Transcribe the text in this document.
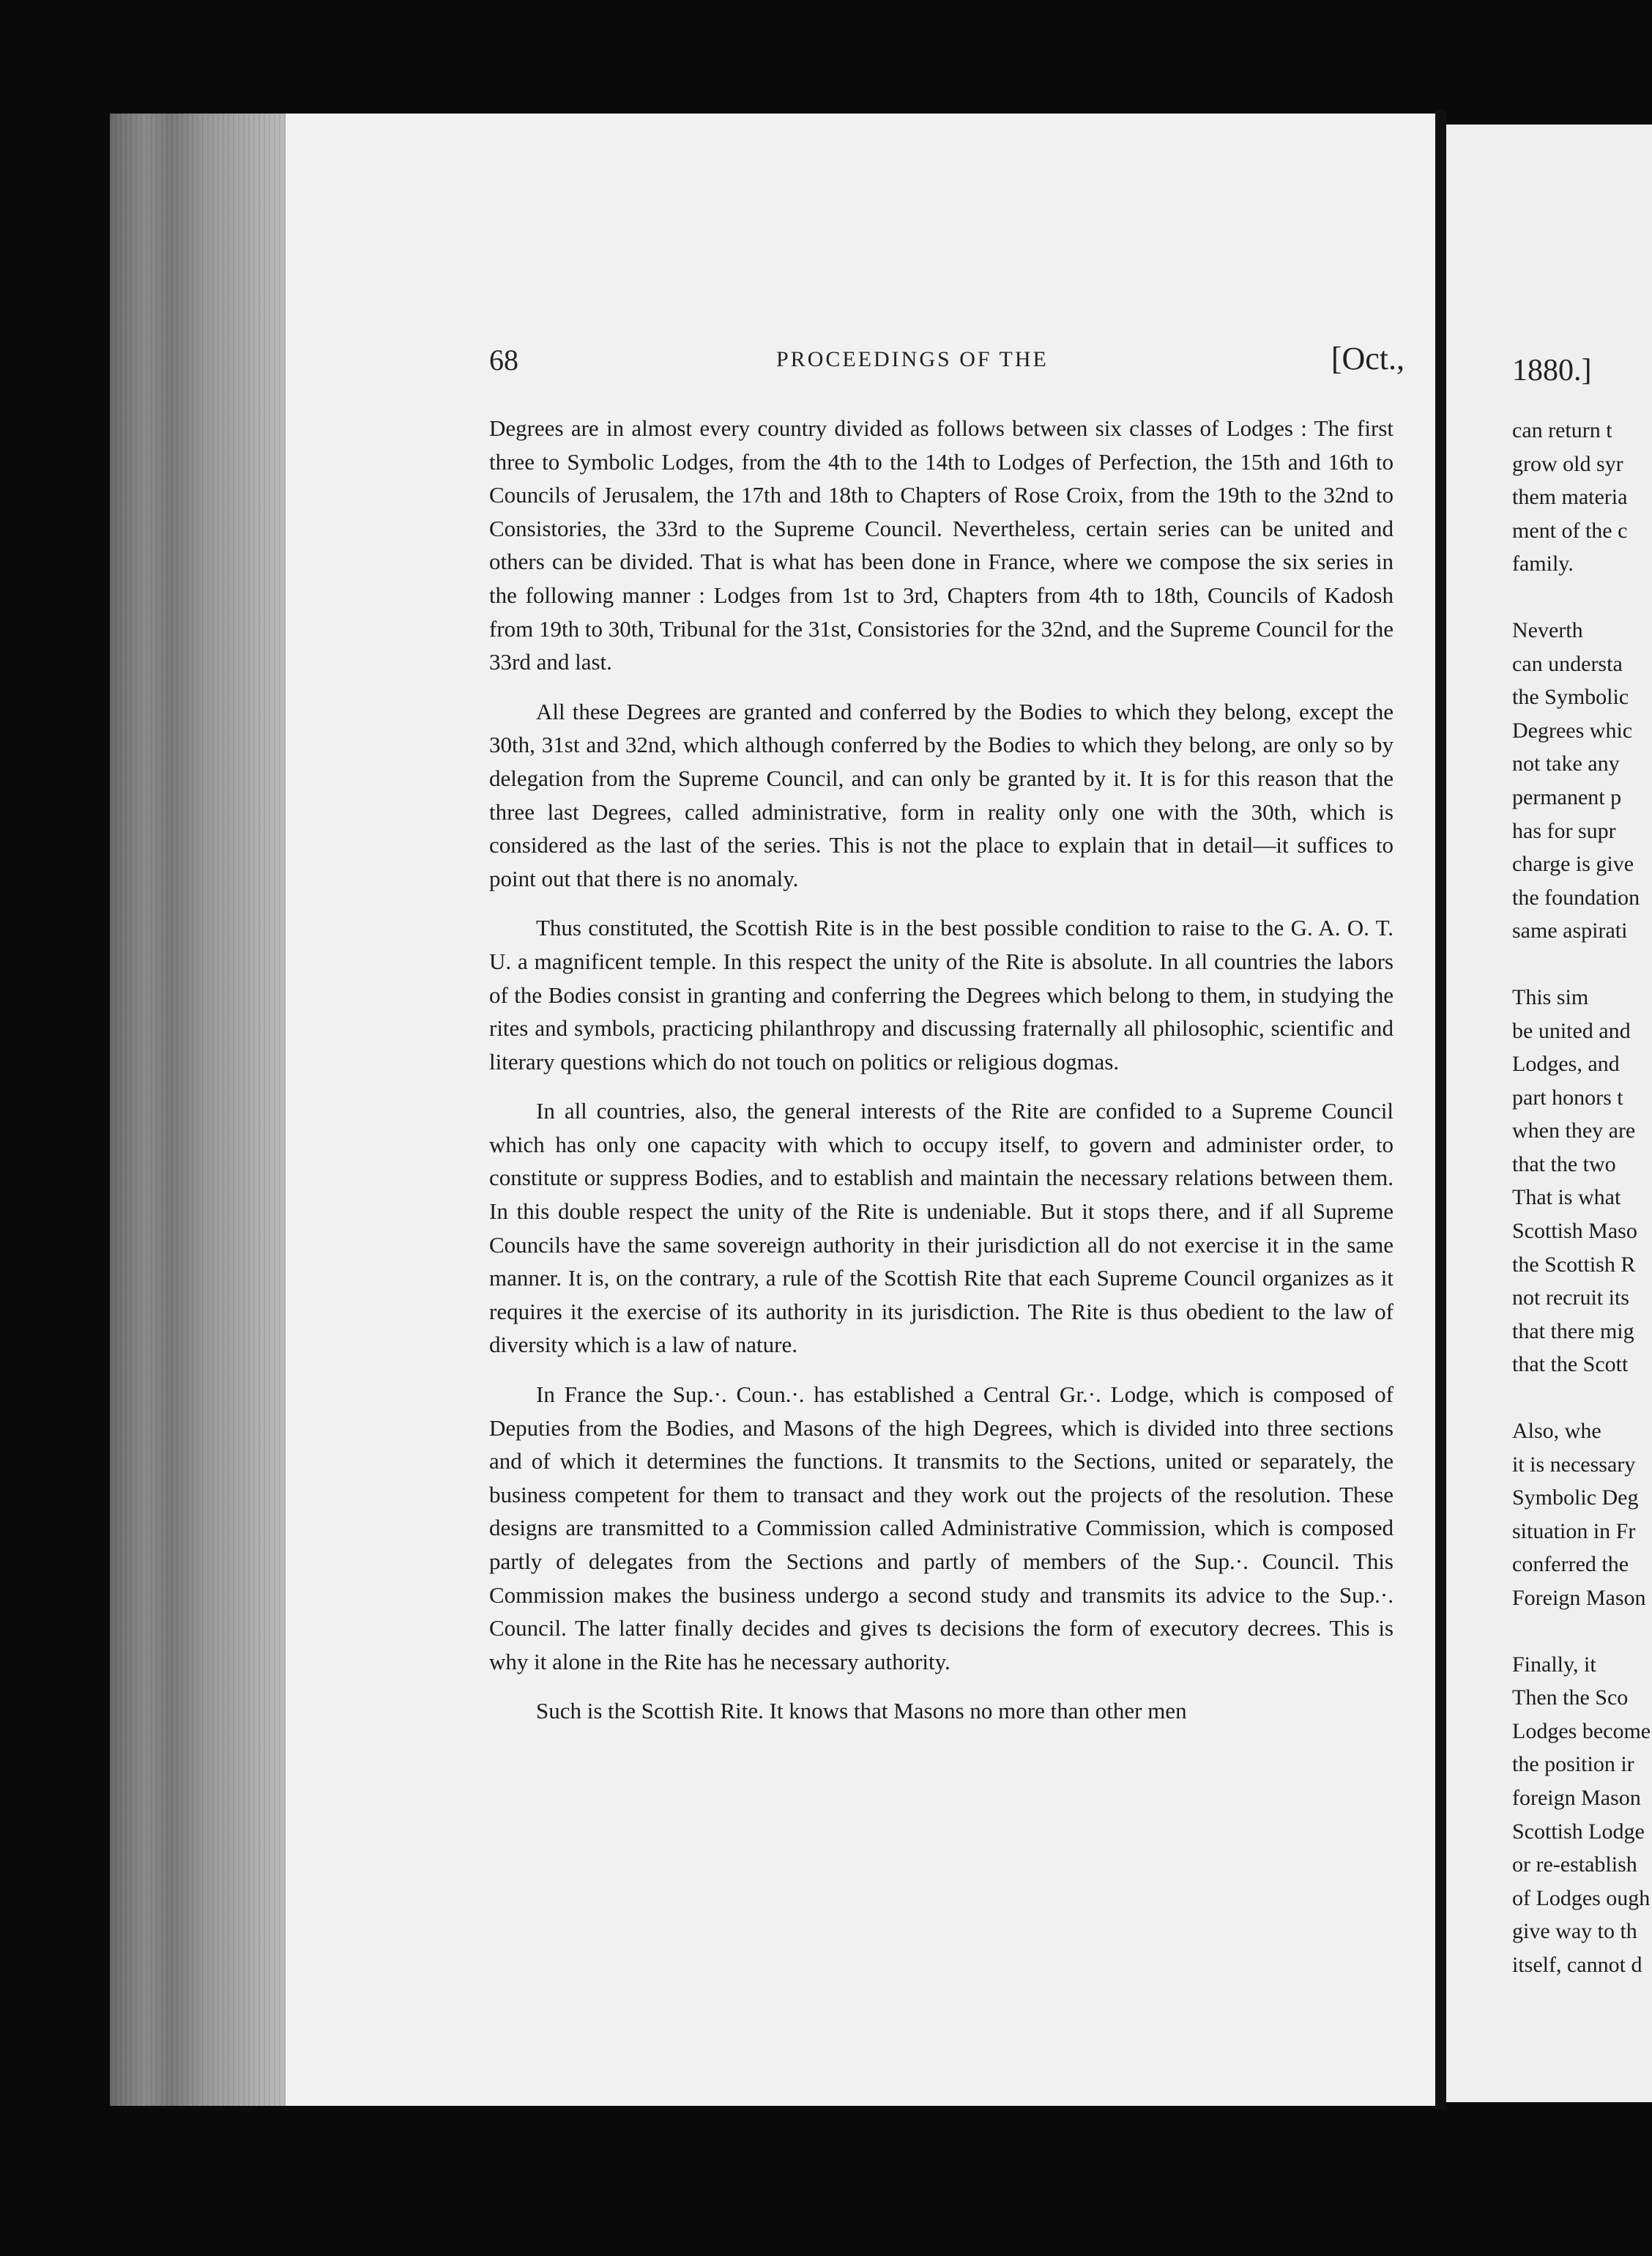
68	PROCEEDINGS OF THE	[Oct.,

Degrees are in almost every country divided as follows between six classes of Lodges : The first three to Symbolic Lodges, from the 4th to the 14th to Lodges of Perfection, the 15th and 16th to Councils of Jerusalem, the 17th and 18th to Chapters of Rose Croix, from the 19th to the 32nd to Consistories, the 33rd to the Supreme Council. Nevertheless, certain series can be united and others can be divided. That is what has been done in France, where we compose the six series in the following manner : Lodges from 1st to 3rd, Chapters from 4th to 18th, Councils of Kadosh from 19th to 30th, Tribunal for the 31st, Consistories for the 32nd, and the Supreme Council for the 33rd and last.

All these Degrees are granted and conferred by the Bodies to which they belong, except the 30th, 31st and 32nd, which although conferred by the Bodies to which they belong, are only so by delegation from the Supreme Council, and can only be granted by it. It is for this reason that the three last Degrees, called administrative, form in reality only one with the 30th, which is considered as the last of the series. This is not the place to explain that in detail—it suffices to point out that there is no anomaly.

Thus constituted, the Scottish Rite is in the best possible condition to raise to the G. A. O. T. U. a magnificent temple. In this respect the unity of the Rite is absolute. In all countries the labors of the Bodies consist in granting and conferring the Degrees which belong to them, in studying the rites and symbols, practicing philanthropy and discussing fraternally all philosophic, scientific and literary questions which do not touch on politics or religious dogmas.

In all countries, also, the general interests of the Rite are confided to a Supreme Council which has only one capacity with which to occupy itself, to govern and administer order, to constitute or suppress Bodies, and to establish and maintain the necessary relations between them. In this double respect the unity of the Rite is undeniable. But it stops there, and if all Supreme Councils have the same sovereign authority in their jurisdiction all do not exercise it in the same manner. It is, on the contrary, a rule of the Scottish Rite that each Supreme Council organizes as it requires it the exercise of its authority in its jurisdiction. The Rite is thus obedient to the law of diversity which is a law of nature.

In France the Sup.·. Coun.·. has established a Central Gr.·. Lodge, which is composed of Deputies from the Bodies, and Masons of the high Degrees, which is divided into three sections and of which it determines the functions. It transmits to the Sections, united or separately, the business competent for them to transact and they work out the projects of the resolution. These designs are transmitted to a Commission called Administrative Commission, which is composed partly of delegates from the Sections and partly of members of the Sup.·. Council. This Commission makes the business undergo a second study and transmits its advice to the Sup.·. Council. The latter finally decides and gives ts decisions the form of executory decrees. This is why it alone in the Rite has he necessary authority.

Such is the Scottish Rite. It knows that Masons no more than other men

1880.]
can return t
grow old syr
them materia
ment of the c
family.
Neverth
can understa
the Symbolic
Degrees whic
not take any
permanent p
has for supr
charge is give
the foundation
same aspirati
This sim
be united and
Lodges, and
part honors t
when they are
that the two
That is what
Scottish Maso
the Scottish R
not recruit its
that there mig
that the Scott
Also, whe
it is necessary
Symbolic Deg
situation in Fr
conferred the
Foreign Mason
Finally, it
Then the Sco
Lodges become
the position ir
foreign Mason
Scottish Lodge
or re-establish
of Lodges ough
give way to th
itself, cannot d
